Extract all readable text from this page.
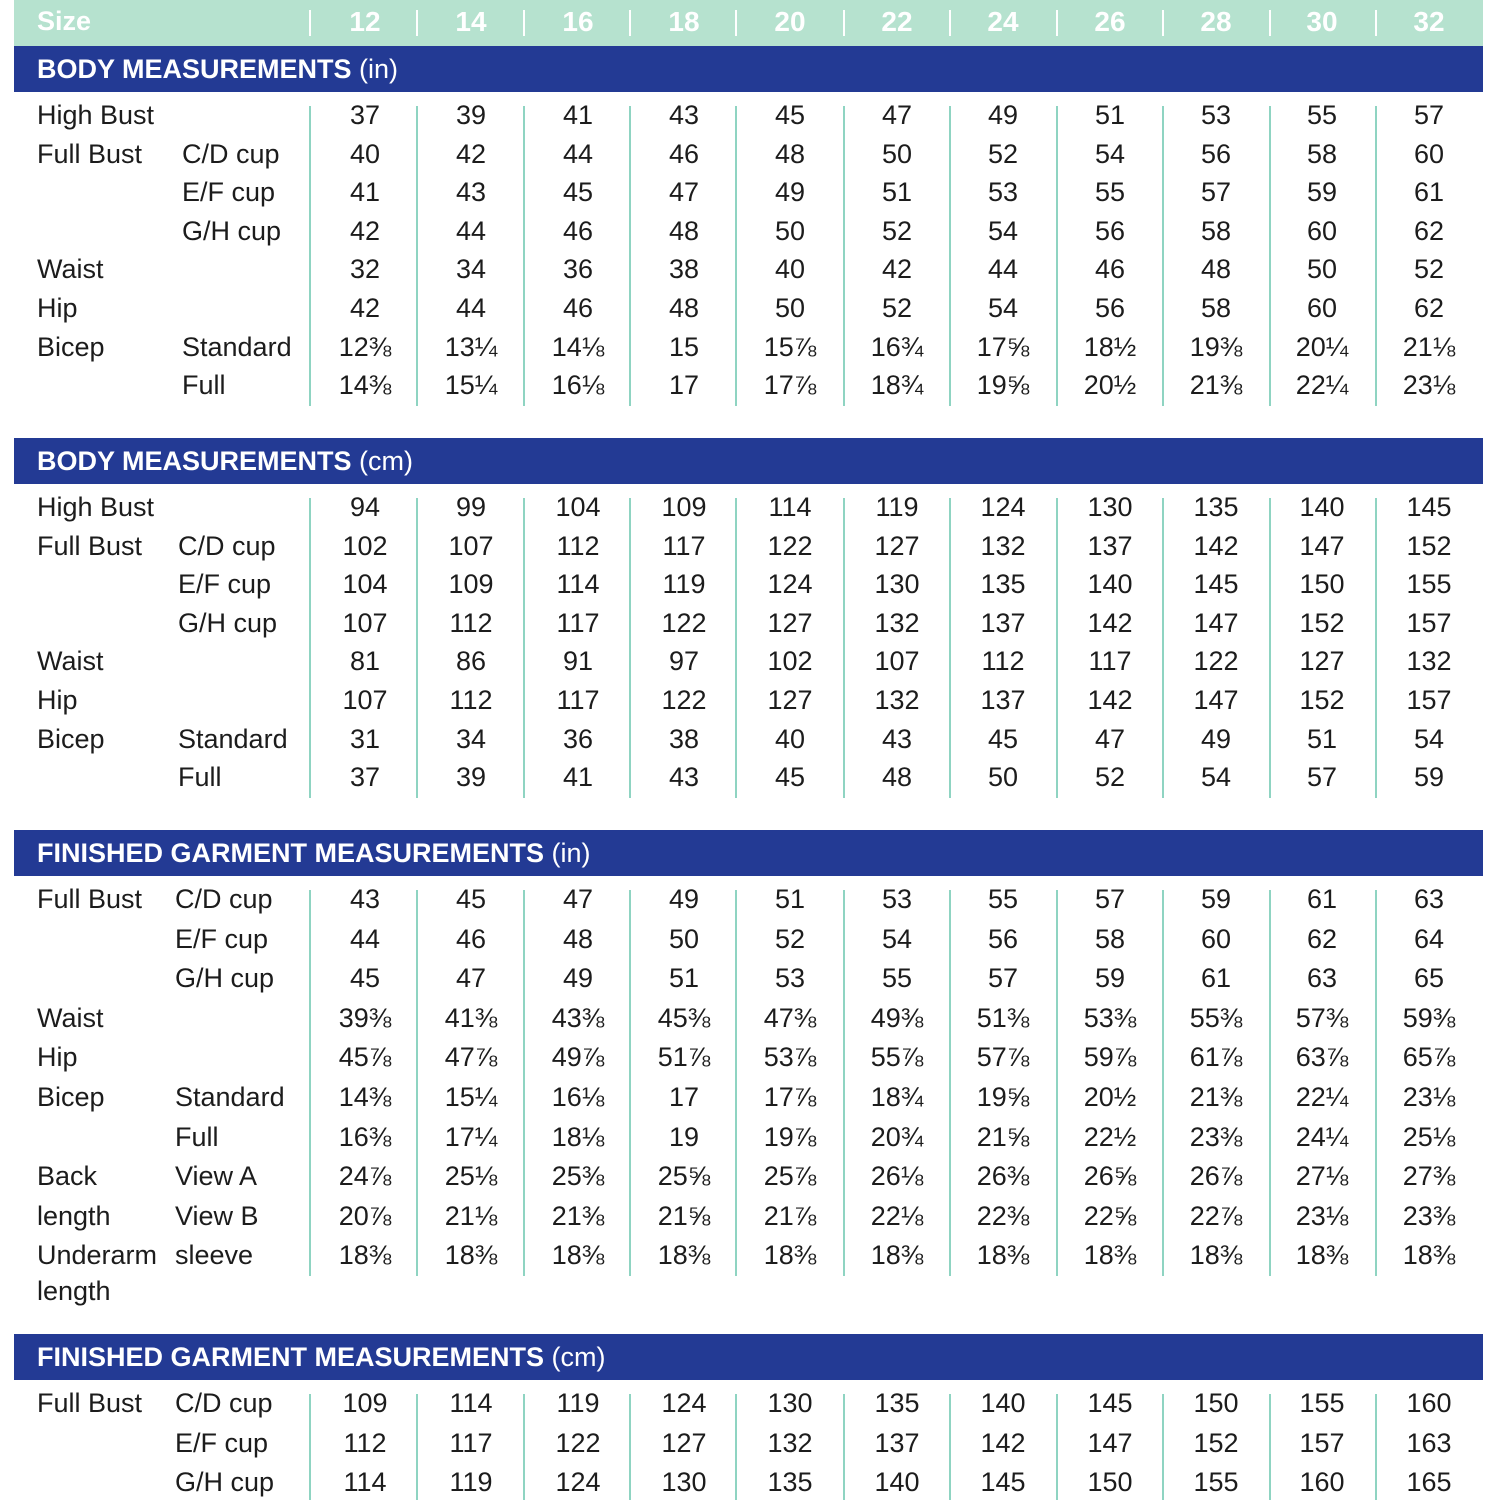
Size	12	14	16	18	20	22	24	26	28	30	32
BODY MEASUREMENTS (in)
High Bust	37	39	41	43	45	47	49	51	53	55	57
Full Bust C/D cup	40	42	44	46	48	50	52	54	56	58	60
E/F cup	41	43	45	47	49	51	53	55	57	59	61
G/H cup	42	44	46	48	50	52	54	56	58	60	62
Waist	32	34	36	38	40	42	44	46	48	50	52
Hip	42	44	46	48	50	52	54	56	58	60	62
Bicep	Standard	12⅜	13¼	14⅛	15	15⅞	16¾	17⅝	18½	19⅜	20¼	21⅛
Full	14⅜	15¼	16⅛	17	17⅞	18¾	19⅝	20½	21⅜	22¼	23⅛
BODY MEASUREMENTS (cm)
High Bust	94	99	104	109	114	119	124	130	135	140	145
Full Bust C/D cup	102	107	112	117	122	127	132	137	142	147	152
E/F cup	104	109	114	119	124	130	135	140	145	150	155
G/H cup	107	112	117	122	127	132	137	142	147	152	157
Waist	81	86	91	97	102	107	112	117	122	127	132
Hip	107	112	117	122	127	132	137	142	147	152	157
Bicep	Standard	31	34	36	38	40	43	45	47	49	51	54
Full	37	39	41	43	45	48	50	52	54	57	59
FINISHED GARMENT MEASUREMENTS (in)
Full Bust C/D cup	43	45	47	49	51	53	55	57	59	61	63
E/F cup	44	46	48	50	52	54	56	58	60	62	64
G/H cup	45	47	49	51	53	55	57	59	61	63	65
Waist	39⅜	41⅜	43⅜	45⅜	47⅜	49⅜	51⅜	53⅜	55⅜	57⅜	59⅜
Hip	45⅞	47⅞	49⅞	51⅞	53⅞	55⅞	57⅞	59⅞	61⅞	63⅞	65⅞
Bicep	Standard	14⅜	15¼	16⅛	17	17⅞	18¾	19⅝	20½	21⅜	22¼	23⅛
Full	16⅜	17¼	18⅛	19	19⅞	20¾	21⅝	22½	23⅜	24¼	25⅛
Back	View A	24⅞	25⅛	25⅜	25⅝	25⅞	26⅛	26⅜	26⅝	26⅞	27⅛	27⅜
length View B	20⅞	21⅛	21⅜	21⅝	21⅞	22⅛	22⅜	22⅝	22⅞	23⅛	23⅜
Underarm sleeve	18⅜	18⅜	18⅜	18⅜	18⅜	18⅜	18⅜	18⅜	18⅜	18⅜	18⅜
length
FINISHED GARMENT MEASUREMENTS (cm)
Full Bust C/D cup	109	114	119	124	130	135	140	145	150	155	160
E/F cup	112	117	122	127	132	137	142	147	152	157	163
G/H cup	114	119	124	130	135	140	145	150	155	160	165
